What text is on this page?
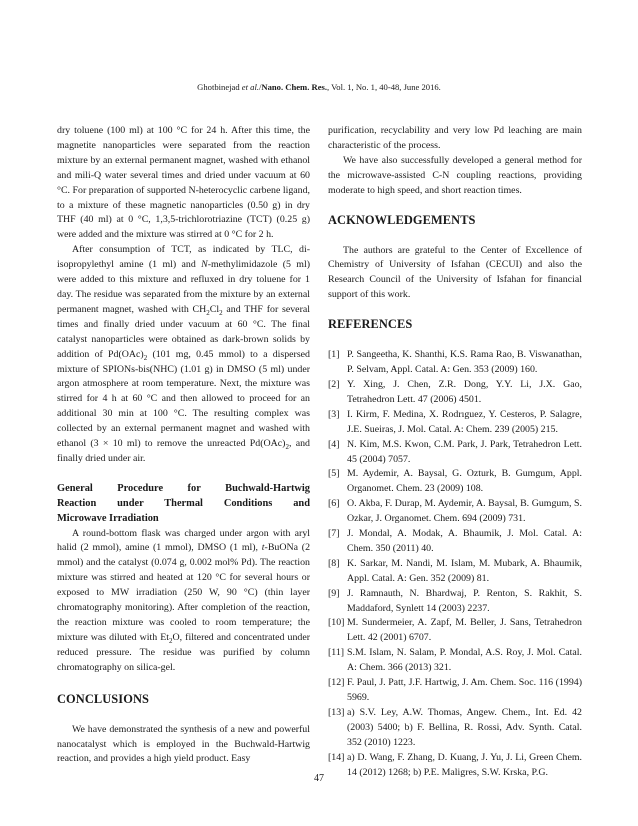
Ghotbinejad et al./Nano. Chem. Res., Vol. 1, No. 1, 40-48, June 2016.

dry toluene (100 ml) at 100 °C for 24 h. After this time, the magnetite nanoparticles were separated from the reaction mixture by an external permanent magnet, washed with ethanol and mili-Q water several times and dried under vacuum at 60 °C. For preparation of supported N-heterocyclic carbene ligand, to a mixture of these magnetic nanoparticles (0.50 g) in dry THF (40 ml) at 0 °C, 1,3,5-trichlorotriazine (TCT) (0.25 g) were added and the mixture was stirred at 0 °C for 2 h.

After consumption of TCT, as indicated by TLC, di-isopropylethyl amine (1 ml) and N-methylimidazole (5 ml) were added to this mixture and refluxed in dry toluene for 1 day. The residue was separated from the mixture by an external permanent magnet, washed with $CH_2Cl_2$ and THF for several times and finally dried under vacuum at 60 °C. The final catalyst nanoparticles were obtained as dark-brown solids by addition of $Pd(OAc)_2$ (101 mg, 0.45 mmol) to a dispersed mixture of SPIONs-bis(NHC) (1.01 g) in DMSO (5 ml) under argon atmosphere at room temperature. Next, the mixture was stirred for 4 h at 60 °C and then allowed to proceed for an additional 30 min at 100 °C. The resulting complex was collected by an external permanent magnet and washed with ethanol (3 × 10 ml) to remove the unreacted $Pd(OAc)_2$, and finally dried under air.

General Procedure for Buchwald-Hartwig
Reaction under Thermal Conditions and
Microwave Irradiation

A round-bottom flask was charged under argon with aryl halid (2 mmol), amine (1 mmol), DMSO (1 ml), t-BuONa (2 mmol) and the catalyst (0.074 g, 0.002 mol% Pd). The reaction mixture was stirred and heated at 120 °C for several hours or exposed to MW irradiation (250 W, 90 °C) (thin layer chromatography monitoring). After completion of the reaction, the reaction mixture was cooled to room temperature; the mixture was diluted with $Et_2O$, filtered and concentrated under reduced pressure. The residue was purified by column chromatography on silica-gel.

CONCLUSIONS

We have demonstrated the synthesis of a new and powerful nanocatalyst which is employed in the Buchwald-Hartwig reaction, and provides a high yield product. Easy

purification, recyclability and very low Pd leaching are main characteristic of the process.

We have also successfully developed a general method for the microwave-assisted C-N coupling reactions, providing moderate to high speed, and short reaction times.

ACKNOWLEDGEMENTS

The authors are grateful to the Center of Excellence of Chemistry of University of Isfahan (CECUI) and also the Research Council of the University of Isfahan for financial support of this work.

REFERENCES
[1] P. Sangeetha, K. Shanthi, K.S. Rama Rao, B. Viswanathan, P. Selvam, Appl. Catal. A: Gen. 353 (2009) 160.
[2] Y. Xing, J. Chen, Z.R. Dong, Y.Y. Li, J.X. Gao, Tetrahedron Lett. 47 (2006) 4501.
[3] I. Kirm, F. Medina, X. Rodrıguez, Y. Cesteros, P. Salagre, J.E. Sueiras, J. Mol. Catal. A: Chem. 239 (2005) 215.
[4] N. Kim, M.S. Kwon, C.M. Park, J. Park, Tetrahedron Lett. 45 (2004) 7057.
[5] M. Aydemir, A. Baysal, G. Ozturk, B. Gumgum, Appl. Organomet. Chem. 23 (2009) 108.
[6] O. Akba, F. Durap, M. Aydemir, A. Baysal, B. Gumgum, S. Ozkar, J. Organomet. Chem. 694 (2009) 731.
[7] J. Mondal, A. Modak, A. Bhaumik, J. Mol. Catal. A: Chem. 350 (2011) 40.
[8] K. Sarkar, M. Nandi, M. Islam, M. Mubark, A. Bhaumik, Appl. Catal. A: Gen. 352 (2009) 81.
[9] J. Ramnauth, N. Bhardwaj, P. Renton, S. Rakhit, S. Maddaford, Synlett 14 (2003) 2237.
[10] M. Sundermeier, A. Zapf, M. Beller, J. Sans, Tetrahedron Lett. 42 (2001) 6707.
[11] S.M. Islam, N. Salam, P. Mondal, A.S. Roy, J. Mol. Catal. A: Chem. 366 (2013) 321.
[12] F. Paul, J. Patt, J.F. Hartwig, J. Am. Chem. Soc. 116 (1994) 5969.
[13] a) S.V. Ley, A.W. Thomas, Angew. Chem., Int. Ed. 42 (2003) 5400; b) F. Bellina, R. Rossi, Adv. Synth. Catal. 352 (2010) 1223.
[14] a) D. Wang, F. Zhang, D. Kuang, J. Yu, J. Li, Green Chem. 14 (2012) 1268; b) P.E. Maligres, S.W. Krska, P.G.
47
